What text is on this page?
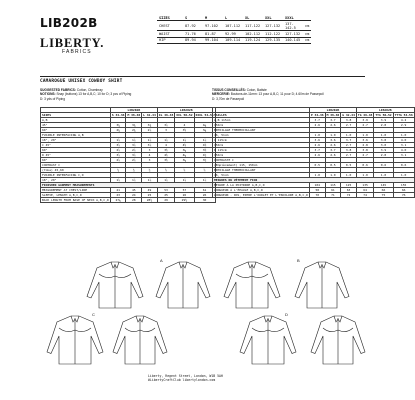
LIB202B
LIBERTY.
FABRICS
SIZES	S	M	L	XL	XXL	XXXL	
CHEST	87-92	97-102	107-112	117-122	127-132	137-142.5	cm
WAIST	71-76	81-87	92-99	102-112	112-122	127-132	cm
HIP	89-94	99-104	109-114	119-124	129-135	140-145	cm
CAMAROGUE UNISEX COWBOY SHIRT
SUGGESTED FABRICS: Cotton, Chambray
NOTIONS: Snap (buttons) 13 for A,B,C; 10 for D; 3 pcs of Piping
D: 3 yds of Piping
TISSUS CONSEILLÉS: Coton, Batiste
MERCERIE: Boutons-de-11mm: 13 pour A,B,C; 11 pour D; 4.60m de Passepoil
D: 3,70m de Passepoil
	LIB202B			LIB202B		
SIZES	S 34-36	M 38-40	L 42-44	XL 46-48	XXL 50-52	XXXL 54-56
A,B						
45"	3¾	3¾	3¾	3⅞	4	4¼
60"	2¾	2¾	2⅞	3	3⅛	3¼
FUSIBLE INTERFACING A,B						
18", 20"	1⅞	1⅞	1⅞	1⅞	1⅞	1⅞
C 45"	3⅞	3⅞	3⅞	4	4⅛	4⅜
60"	2⅞	2⅞	3	3⅛	3¼	3⅜
D 45"	3⅞	3⅞	4	4⅛	4¼	4½
60"	2⅞	2⅞	3	3⅛	3¼	3½
CONTRAST C						
(Yoke) 45,60	½	½	½	⅝	⅝	⅝
FUSIBLE INTERFACING C,D						
18", 20"	1⅞	1⅞	1⅞	1⅞	1⅞	1⅞
FINISHED GARMENT MEASUREMENTS						
MEASUREMENT AT CHEST/LINE	41	45	49	53	57	61
SLEEVE, LENGTH A,B,C,D	23	24	25	25	26	26
BACK LENGTH FROM BASE OF NECK A,B,C,D	27¼	28	28½	29	29½	30
	LIB202B			LIB202B		
TAILLES	P 34-36	M 38-40	G 42-44	TG 46-48	TTG 50-52	TTTG 54-56
A,B 115cm	3.7	3.7	3.8	3.9	3.9	4.2
150cm	2.6	2.6	2.7	2.7	2.8	2.9
ENTOILAGE THERMOCOLLANT						
46, 51cm	1.0	1.0	1.0	1.0	1.0	1.0
C 115cm	3.6	3.6	3.7	3.6	3.8	4.0
150cm	2.6	2.6	2.7	2.8	3.0	3.1
D 115cm	3.7	3.7	3.8	3.8	3.9	4.0
150cm	2.6	2.6	2.7	2.7	2.8	3.1
CONTRASTE C						
(Empiècement) 115, 150cm	0.5	0.5	0.5	0.6	0.6	0.6
ENTOILAGE THERMOCOLLANT						
46, 51cm	1.0	1.0	1.0	1.0	1.0	1.0
MESURES DU VÊTEMENT FINI						
MESURE À LA POITRINE A,B,C,D	104	115	125	135	145	155
LONGUEUR À L'ÉPAULE A,B,C,D	58	61	63	64	66	66
LONGUEUR - DOS, ENTRE L'OURLET ET L'ENCOLURE A,B,C,D	70	71	72	74	75	76
A	B
C	D
Liberty, Regent Street, London, W1B 5AH
#LibertyCraftClub libertylondon.com
